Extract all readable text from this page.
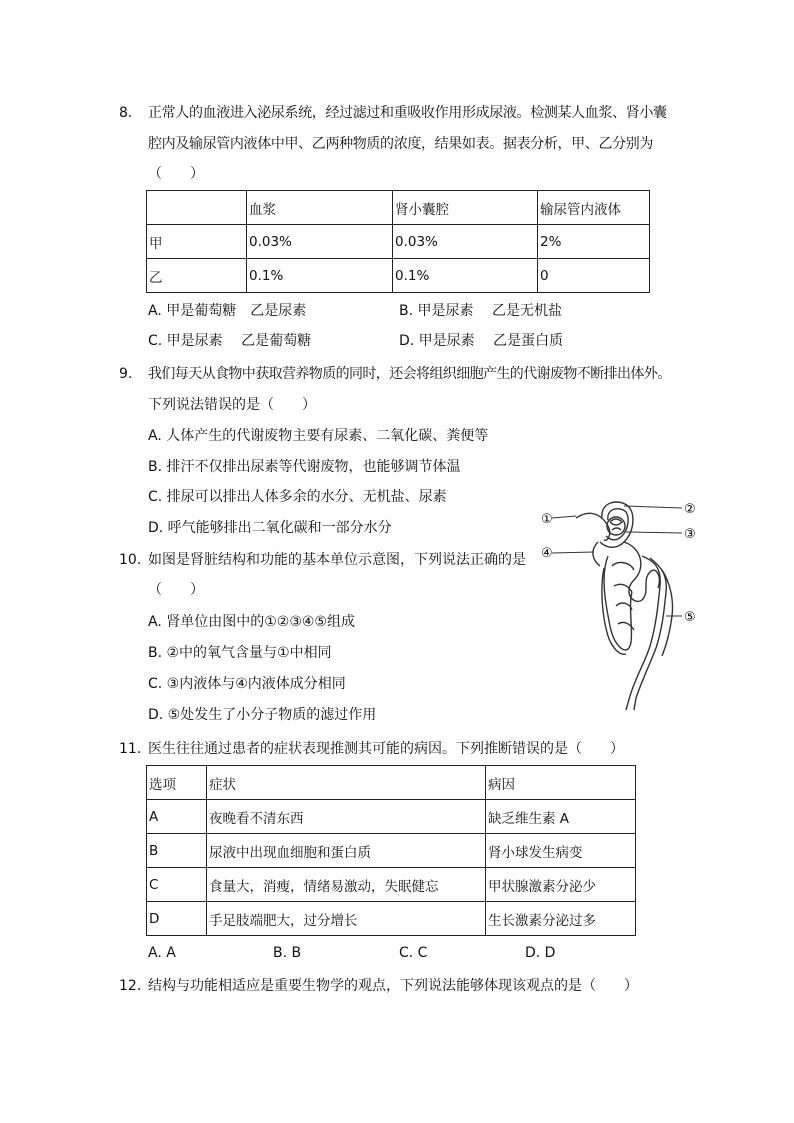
8. 正常人的血液进入泌尿系统，经过滤过和重吸收作用形成尿液。检测某人血浆、肾小囊
腔内及输尿管内液体中甲、乙两种物质的浓度，结果如表。据表分析，甲、乙分别为
（　　）
	血浆	肾小囊腔	输尿管内液体
甲	0.03%	0.03%	2%
乙	0.1%	0.1%	0
A. 甲是葡萄糖　乙是尿素	B. 甲是尿素　 乙是无机盐
C. 甲是尿素　 乙是葡萄糖	D. 甲是尿素　 乙是蛋白质
9. 我们每天从食物中获取营养物质的同时，还会将组织细胞产生的代谢废物不断排出体外。
下列说法错误的是（　　）
A. 人体产生的代谢废物主要有尿素、二氧化碳、粪便等
B. 排汗不仅排出尿素等代谢废物，也能够调节体温
C. 排尿可以排出人体多余的水分、无机盐、尿素
D. 呼气能够排出二氧化碳和一部分水分
10. 如图是肾脏结构和功能的基本单位示意图，下列说法正确的是
（　　）
A. 肾单位由图中的①②③④⑤组成
B. ②中的氧气含量与①中相同
C. ③内液体与④内液体成分相同
D. ⑤处发生了小分子物质的滤过作用
①
②
③
④
⑤
11. 医生往往通过患者的症状表现推测其可能的病因。下列推断错误的是（　　）
选项	症状	病因
A	夜晚看不清东西	缺乏维生素 A
B	尿液中出现血细胞和蛋白质	肾小球发生病变
C	食量大，消瘦，情绪易激动，失眠健忘	甲状腺激素分泌少
D	手足肢端肥大，过分增长	生长激素分泌过多
A. A	B. B	C. C	D. D
12. 结构与功能相适应是重要生物学的观点，下列说法能够体现该观点的是（　　）
